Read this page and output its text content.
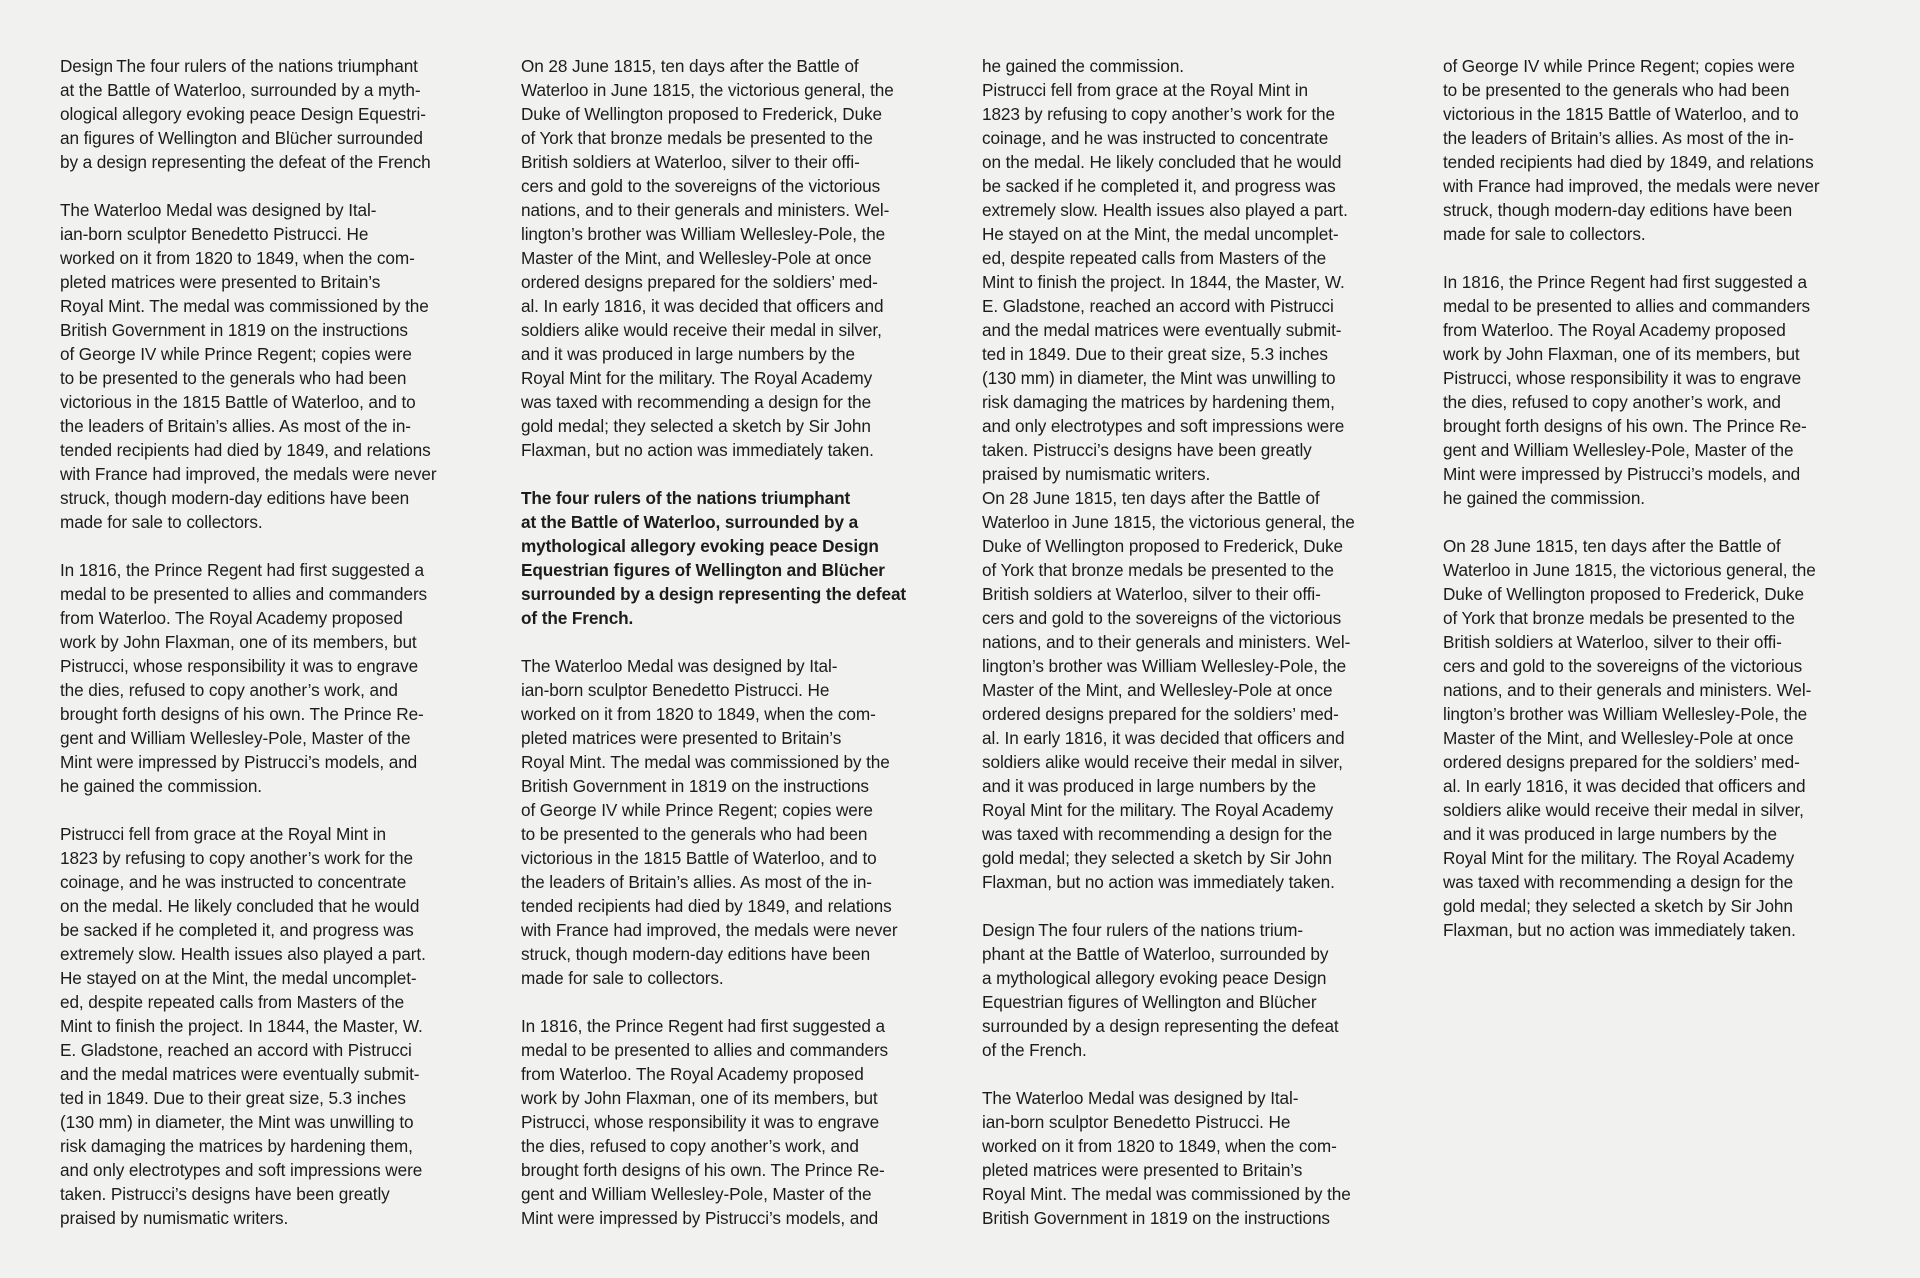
Design The four rulers of the nations triumphant
at the Battle of Waterloo, surrounded by a myth-
ological allegory evoking peace Design Equestri-
an figures of Wellington and Blücher surrounded
by a design representing the defeat of the French

The Waterloo Medal was designed by Ital-
ian-born sculptor Benedetto Pistrucci. He
worked on it from 1820 to 1849, when the com-
pleted matrices were presented to Britain’s
Royal Mint. The medal was commissioned by the
British Government in 1819 on the instructions
of George IV while Prince Regent; copies were
to be presented to the generals who had been
victorious in the 1815 Battle of Waterloo, and to
the leaders of Britain’s allies. As most of the in-
tended recipients had died by 1849, and relations
with France had improved, the medals were never
struck, though modern-day editions have been
made for sale to collectors.

In 1816, the Prince Regent had first suggested a
medal to be presented to allies and commanders
from Waterloo. The Royal Academy proposed
work by John Flaxman, one of its members, but
Pistrucci, whose responsibility it was to engrave
the dies, refused to copy another’s work, and
brought forth designs of his own. The Prince Re-
gent and William Wellesley-Pole, Master of the
Mint were impressed by Pistrucci’s models, and
he gained the commission.

Pistrucci fell from grace at the Royal Mint in
1823 by refusing to copy another’s work for the
coinage, and he was instructed to concentrate
on the medal. He likely concluded that he would
be sacked if he completed it, and progress was
extremely slow. Health issues also played a part.
He stayed on at the Mint, the medal uncomplet-
ed, despite repeated calls from Masters of the
Mint to finish the project. In 1844, the Master, W.
E. Gladstone, reached an accord with Pistrucci
and the medal matrices were eventually submit-
ted in 1849. Due to their great size, 5.3 inches
(130 mm) in diameter, the Mint was unwilling to
risk damaging the matrices by hardening them,
and only electrotypes and soft impressions were
taken. Pistrucci’s designs have been greatly
praised by numismatic writers.

On 28 June 1815, ten days after the Battle of
Waterloo in June 1815, the victorious general, the
Duke of Wellington proposed to Frederick, Duke
of York that bronze medals be presented to the
British soldiers at Waterloo, silver to their offi-
cers and gold to the sovereigns of the victorious
nations, and to their generals and ministers. Wel-
lington’s brother was William Wellesley-Pole, the
Master of the Mint, and Wellesley-Pole at once
ordered designs prepared for the soldiers’ med-
al. In early 1816, it was decided that officers and
soldiers alike would receive their medal in silver,
and it was produced in large numbers by the
Royal Mint for the military. The Royal Academy
was taxed with recommending a design for the
gold medal; they selected a sketch by Sir John
Flaxman, but no action was immediately taken.

The four rulers of the nations triumphant
at the Battle of Waterloo, surrounded by a
mythological allegory evoking peace Design
Equestrian figures of Wellington and Blücher
surrounded by a design representing the defeat
of the French.

The Waterloo Medal was designed by Ital-
ian-born sculptor Benedetto Pistrucci. He
worked on it from 1820 to 1849, when the com-
pleted matrices were presented to Britain’s
Royal Mint. The medal was commissioned by the
British Government in 1819 on the instructions
of George IV while Prince Regent; copies were
to be presented to the generals who had been
victorious in the 1815 Battle of Waterloo, and to
the leaders of Britain’s allies. As most of the in-
tended recipients had died by 1849, and relations
with France had improved, the medals were never
struck, though modern-day editions have been
made for sale to collectors.

In 1816, the Prince Regent had first suggested a
medal to be presented to allies and commanders
from Waterloo. The Royal Academy proposed
work by John Flaxman, one of its members, but
Pistrucci, whose responsibility it was to engrave
the dies, refused to copy another’s work, and
brought forth designs of his own. The Prince Re-
gent and William Wellesley-Pole, Master of the
Mint were impressed by Pistrucci’s models, and

he gained the commission.

Pistrucci fell from grace at the Royal Mint in
1823 by refusing to copy another’s work for the
coinage, and he was instructed to concentrate
on the medal. He likely concluded that he would
be sacked if he completed it, and progress was
extremely slow. Health issues also played a part.
He stayed on at the Mint, the medal uncomplet-
ed, despite repeated calls from Masters of the
Mint to finish the project. In 1844, the Master, W.
E. Gladstone, reached an accord with Pistrucci
and the medal matrices were eventually submit-
ted in 1849. Due to their great size, 5.3 inches
(130 mm) in diameter, the Mint was unwilling to
risk damaging the matrices by hardening them,
and only electrotypes and soft impressions were
taken. Pistrucci’s designs have been greatly
praised by numismatic writers.

On 28 June 1815, ten days after the Battle of
Waterloo in June 1815, the victorious general, the
Duke of Wellington proposed to Frederick, Duke
of York that bronze medals be presented to the
British soldiers at Waterloo, silver to their offi-
cers and gold to the sovereigns of the victorious
nations, and to their generals and ministers. Wel-
lington’s brother was William Wellesley-Pole, the
Master of the Mint, and Wellesley-Pole at once
ordered designs prepared for the soldiers’ med-
al. In early 1816, it was decided that officers and
soldiers alike would receive their medal in silver,
and it was produced in large numbers by the
Royal Mint for the military. The Royal Academy
was taxed with recommending a design for the
gold medal; they selected a sketch by Sir John
Flaxman, but no action was immediately taken.

Design The four rulers of the nations trium-
phant at the Battle of Waterloo, surrounded by
a mythological allegory evoking peace Design
Equestrian figures of Wellington and Blücher
surrounded by a design representing the defeat
of the French.

The Waterloo Medal was designed by Ital-
ian-born sculptor Benedetto Pistrucci. He
worked on it from 1820 to 1849, when the com-
pleted matrices were presented to Britain’s
Royal Mint. The medal was commissioned by the
British Government in 1819 on the instructions

of George IV while Prince Regent; copies were
to be presented to the generals who had been
victorious in the 1815 Battle of Waterloo, and to
the leaders of Britain’s allies. As most of the in-
tended recipients had died by 1849, and relations
with France had improved, the medals were never
struck, though modern-day editions have been
made for sale to collectors.

In 1816, the Prince Regent had first suggested a
medal to be presented to allies and commanders
from Waterloo. The Royal Academy proposed
work by John Flaxman, one of its members, but
Pistrucci, whose responsibility it was to engrave
the dies, refused to copy another’s work, and
brought forth designs of his own. The Prince Re-
gent and William Wellesley-Pole, Master of the
Mint were impressed by Pistrucci’s models, and
he gained the commission.

On 28 June 1815, ten days after the Battle of
Waterloo in June 1815, the victorious general, the
Duke of Wellington proposed to Frederick, Duke
of York that bronze medals be presented to the
British soldiers at Waterloo, silver to their offi-
cers and gold to the sovereigns of the victorious
nations, and to their generals and ministers. Wel-
lington’s brother was William Wellesley-Pole, the
Master of the Mint, and Wellesley-Pole at once
ordered designs prepared for the soldiers’ med-
al. In early 1816, it was decided that officers and
soldiers alike would receive their medal in silver,
and it was produced in large numbers by the
Royal Mint for the military. The Royal Academy
was taxed with recommending a design for the
gold medal; they selected a sketch by Sir John
Flaxman, but no action was immediately taken.
